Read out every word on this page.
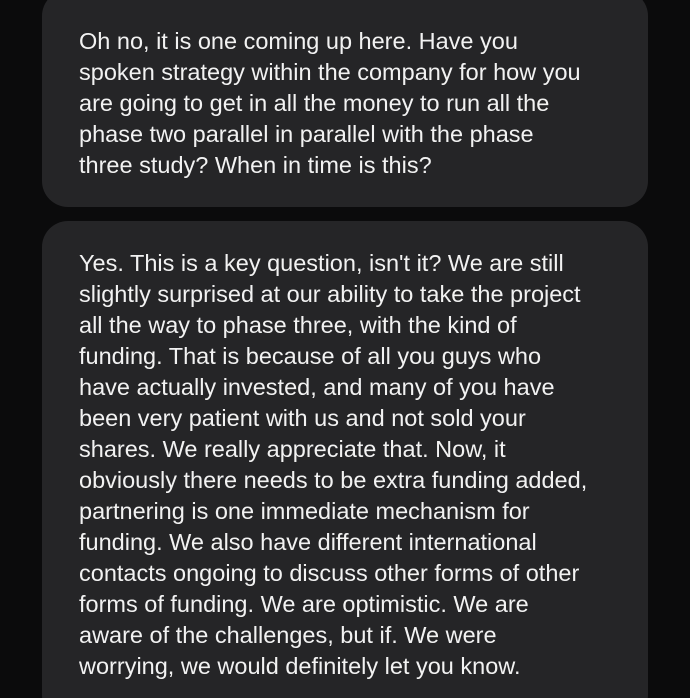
Oh no, it is one coming up here. Have you
spoken strategy within the company for how you
are going to get in all the money to run all the
phase two parallel in parallel with the phase
three study? When in time is this?
Yes. This is a key question, isn't it? We are still
slightly surprised at our ability to take the project
all the way to phase three, with the kind of
funding. That is because of all you guys who
have actually invested, and many of you have
been very patient with us and not sold your
shares. We really appreciate that. Now, it
obviously there needs to be extra funding added,
partnering is one immediate mechanism for
funding. We also have different international
contacts ongoing to discuss other forms of other
forms of funding. We are optimistic. We are
aware of the challenges, but if. We were
worrying, we would definitely let you know.
